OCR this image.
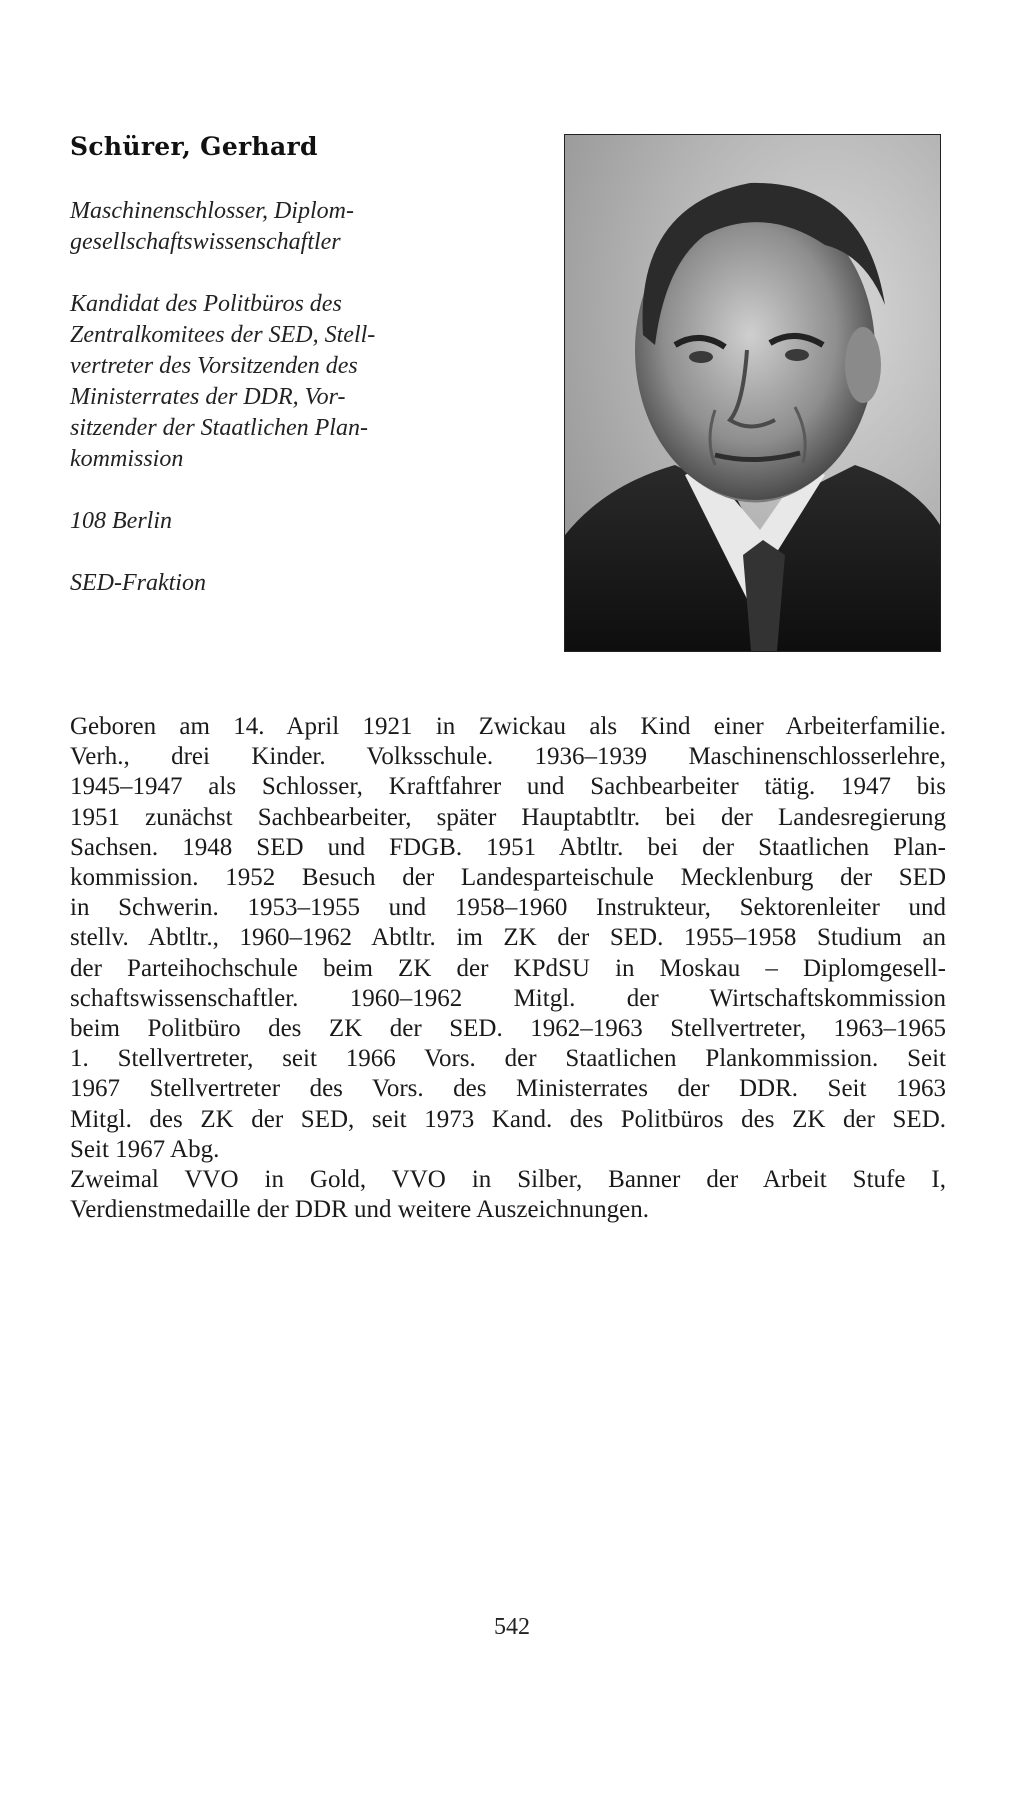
Schürer, Gerhard

Maschinenschlosser, Diplom-
gesellschaftswissenschaftler

Kandidat des Politbüros des
Zentralkomitees der SED, Stell-
vertreter des Vorsitzenden des
Ministerrates der DDR, Vor-
sitzender der Staatlichen Plan-
kommission

108 Berlin

SED-Fraktion

Geboren am 14. April 1921 in Zwickau als Kind einer Arbeiterfamilie.
Verh., drei Kinder. Volksschule. 1936–1939 Maschinenschlosserlehre,
1945–1947 als Schlosser, Kraftfahrer und Sachbearbeiter tätig. 1947 bis
1951 zunächst Sachbearbeiter, später Hauptabtltr. bei der Landesregierung
Sachsen. 1948 SED und FDGB. 1951 Abtltr. bei der Staatlichen Plan-
kommission. 1952 Besuch der Landesparteischule Mecklenburg der SED
in Schwerin. 1953–1955 und 1958–1960 Instrukteur, Sektorenleiter und
stellv. Abtltr., 1960–1962 Abtltr. im ZK der SED. 1955–1958 Studium an
der Parteihochschule beim ZK der KPdSU in Moskau – Diplomgesell-
schaftswissenschaftler. 1960–1962 Mitgl. der Wirtschaftskommission
beim Politbüro des ZK der SED. 1962–1963 Stellvertreter, 1963–1965
1. Stellvertreter, seit 1966 Vors. der Staatlichen Plankommission. Seit
1967 Stellvertreter des Vors. des Ministerrates der DDR. Seit 1963
Mitgl. des ZK der SED, seit 1973 Kand. des Politbüros des ZK der SED.
Seit 1967 Abg.
Zweimal VVO in Gold, VVO in Silber, Banner der Arbeit Stufe I,
Verdienstmedaille der DDR und weitere Auszeichnungen.

542
